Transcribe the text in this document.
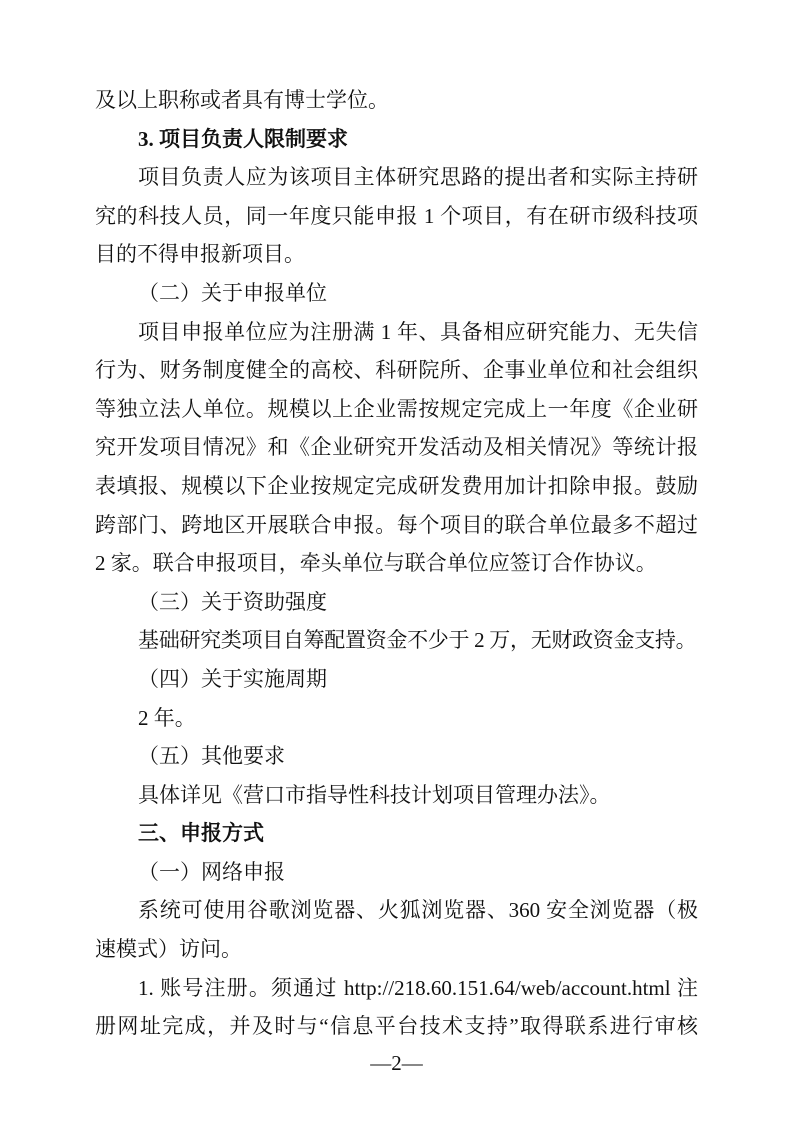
及以上职称或者具有博士学位。
3. 项目负责人限制要求
项目负责人应为该项目主体研究思路的提出者和实际主持研
究的科技人员，同一年度只能申报 1 个项目，有在研市级科技项
目的不得申报新项目。
（二）关于申报单位
项目申报单位应为注册满 1 年、具备相应研究能力、无失信
行为、财务制度健全的高校、科研院所、企事业单位和社会组织
等独立法人单位。规模以上企业需按规定完成上一年度《企业研
究开发项目情况》和《企业研究开发活动及相关情况》等统计报
表填报、规模以下企业按规定完成研发费用加计扣除申报。鼓励
跨部门、跨地区开展联合申报。每个项目的联合单位最多不超过
2 家。联合申报项目，牵头单位与联合单位应签订合作协议。
（三）关于资助强度
基础研究类项目自筹配置资金不少于 2 万，无财政资金支持。
（四）关于实施周期
2 年。
（五）其他要求
具体详见《营口市指导性科技计划项目管理办法》。
三、申报方式
（一）网络申报
系统可使用谷歌浏览器、火狐浏览器、360 安全浏览器（极
速模式）访问。
1. 账号注册。须通过 http://218.60.151.64/web/account.html 注
册网址完成，并及时与“信息平台技术支持”取得联系进行审核
—2—
